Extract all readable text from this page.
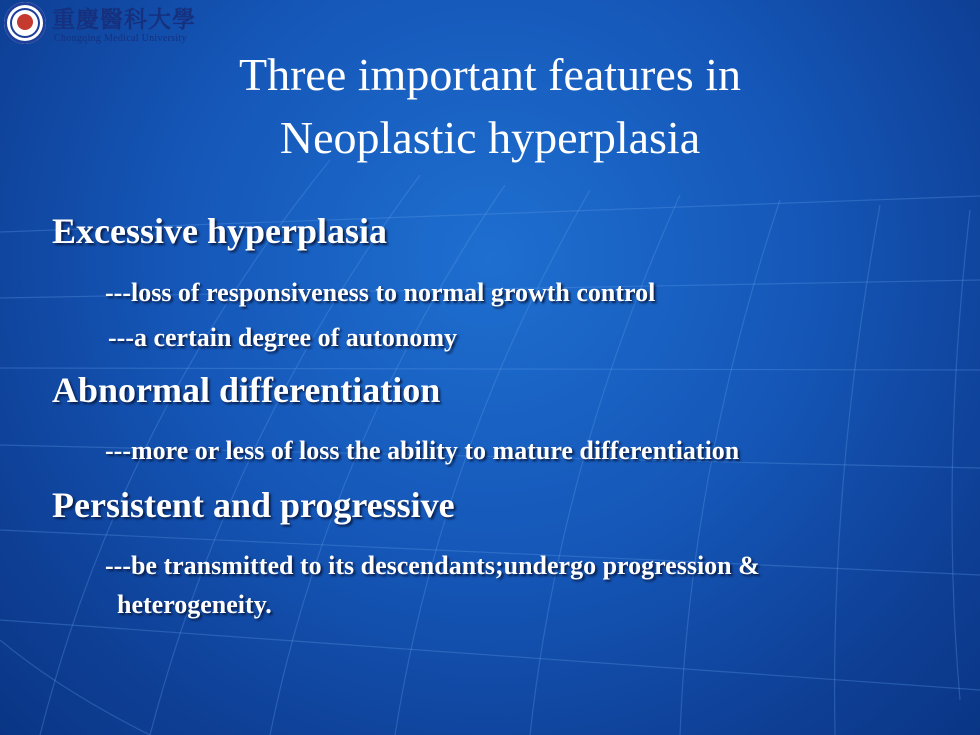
重慶醫科大學
Chongqing Medical University
Three important features in
Neoplastic hyperplasia
Excessive hyperplasia
---loss of responsiveness to normal growth control
---a certain degree of autonomy
Abnormal differentiation
---more or less of loss the ability to mature differentiation
Persistent and progressive
---be transmitted to its descendants;undergo progression &
heterogeneity.
